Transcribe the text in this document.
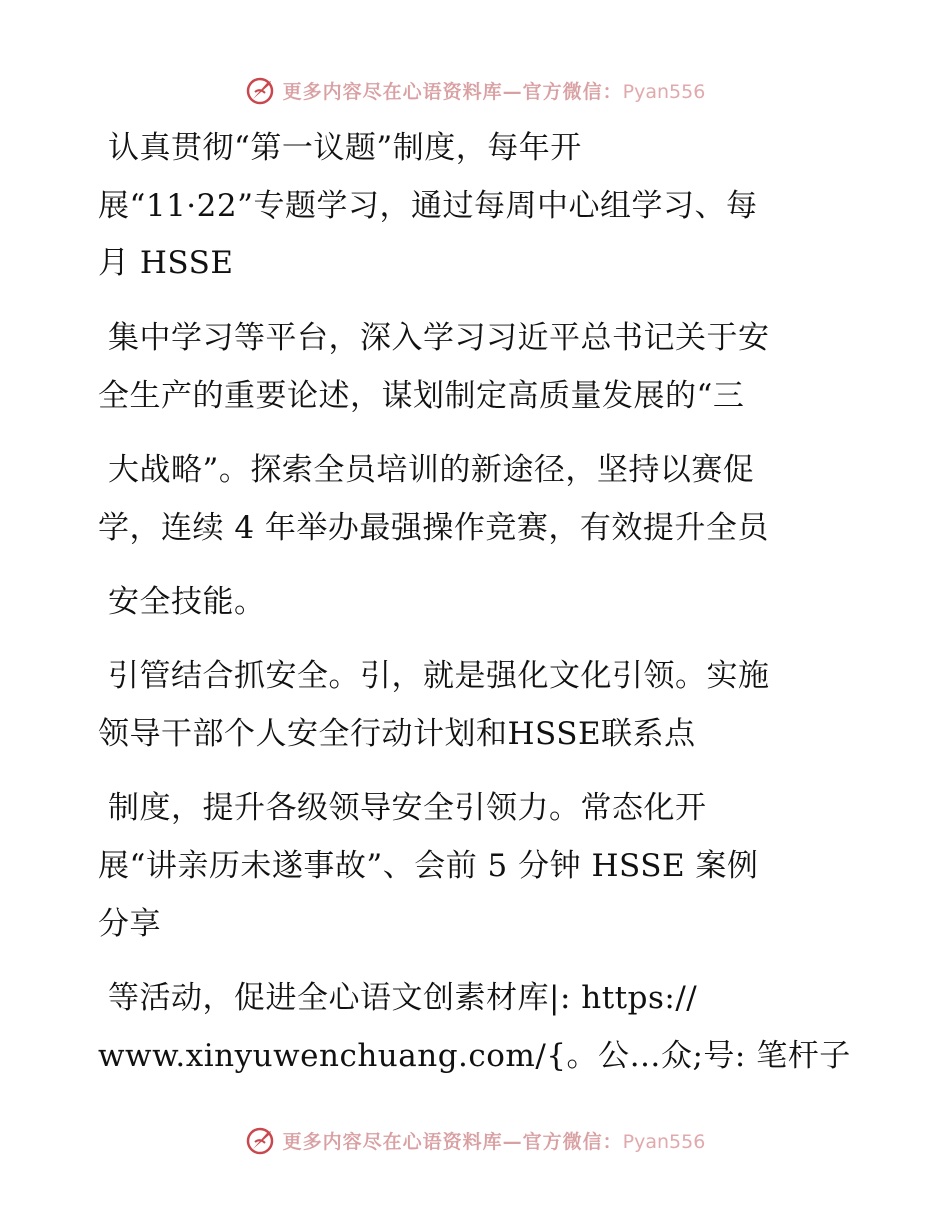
更多内容尽在心语资料库—官方微信：Pyan556
认真贯彻“第一议题”制度，每年开
展“11·22”专题学习，通过每周中心组学习、每
月 HSSE
集中学习等平台，深入学习习近平总书记关于安
全生产的重要论述，谋划制定高质量发展的“三
大战略”。探索全员培训的新途径，坚持以赛促
学，连续 4 年举办最强操作竞赛，有效提升全员
安全技能。
引管结合抓安全。引，就是强化文化引领。实施
领导干部个人安全行动计划和HSSE联系点
制度，提升各级领导安全引领力。常态化开
展“讲亲历未遂事故”、会前 5 分钟 HSSE 案例
分享
等活动，促进全心语文创素材库|: https://
www.xinyuwenchuang.com/{。公…众;号: 笔杆子
更多内容尽在心语资料库—官方微信：Pyan556
